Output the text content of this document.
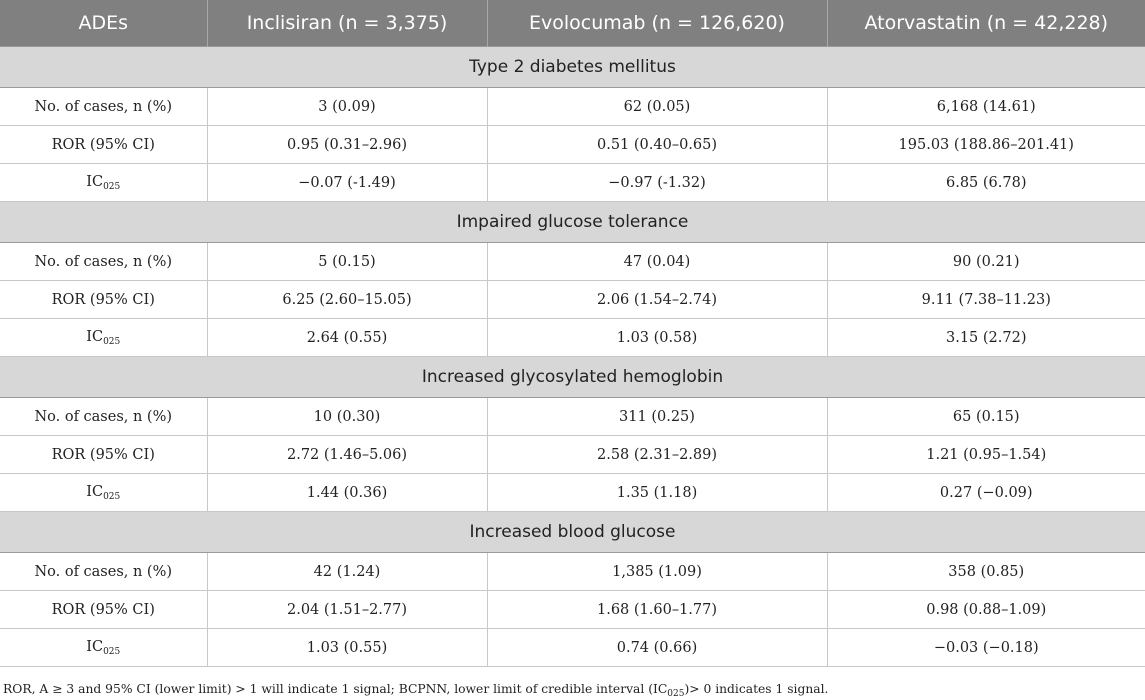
ADEs	Inclisiran (n = 3,375)	Evolocumab (n = 126,620)	Atorvastatin (n = 42,228)
Type 2 diabetes mellitus			
No. of cases, n (%)	3 (0.09)	62 (0.05)	6,168 (14.61)
ROR (95% CI)	0.95 (0.31–2.96)	0.51 (0.40–0.65)	195.03 (188.86–201.41)
$IC_{025}$	−0.07 (-1.49)	−0.97 (-1.32)	6.85 (6.78)
Impaired glucose tolerance			
No. of cases, n (%)	5 (0.15)	47 (0.04)	90 (0.21)
ROR (95% CI)	6.25 (2.60–15.05)	2.06 (1.54–2.74)	9.11 (7.38–11.23)
$IC_{025}$	2.64 (0.55)	1.03 (0.58)	3.15 (2.72)
Increased glycosylated hemoglobin			
No. of cases, n (%)	10 (0.30)	311 (0.25)	65 (0.15)
ROR (95% CI)	2.72 (1.46–5.06)	2.58 (2.31–2.89)	1.21 (0.95–1.54)
$IC_{025}$	1.44 (0.36)	1.35 (1.18)	0.27 (−0.09)
Increased blood glucose			
No. of cases, n (%)	42 (1.24)	1,385 (1.09)	358 (0.85)
ROR (95% CI)	2.04 (1.51–2.77)	1.68 (1.60–1.77)	0.98 (0.88–1.09)
$IC_{025}$	1.03 (0.55)	0.74 (0.66)	−0.03 (−0.18)
ROR, A ≥ 3 and 95% CI (lower limit) > 1 will indicate 1 signal; BCPNN, lower limit of credible interval $(IC_{025})> 0$ indicates 1 signal.
